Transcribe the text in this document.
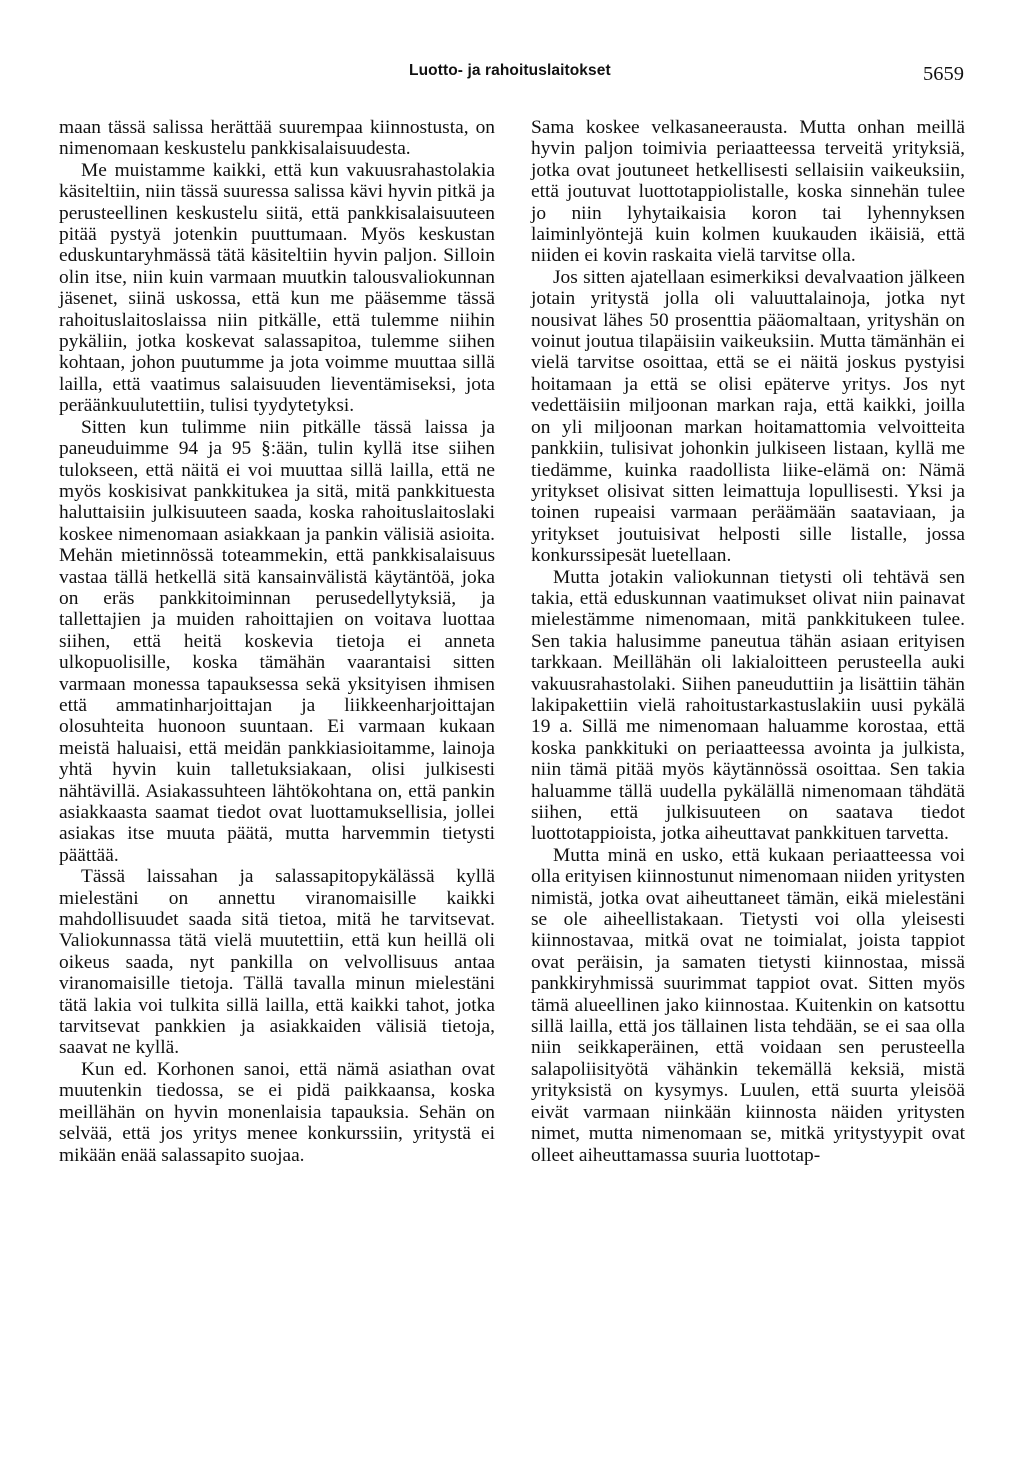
Luotto- ja rahoituslaitokset	5659

maan tässä salissa herättää suurempaa kiinnostusta, on nimenomaan keskustelu pankkisalaisuudesta.

Me muistamme kaikki, että kun vakuusrahastolakia käsiteltiin, niin tässä suuressa salissa kävi hyvin pitkä ja perusteellinen keskustelu siitä, että pankkisalaisuuteen pitää pystyä jotenkin puuttumaan. Myös keskustan eduskuntaryhmässä tätä käsiteltiin hyvin paljon. Silloin olin itse, niin kuin varmaan muutkin talousvaliokunnan jäsenet, siinä uskossa, että kun me pääsemme tässä rahoituslaitoslaissa niin pitkälle, että tulemme niihin pykäliin, jotka koskevat salassapitoa, tulemme siihen kohtaan, johon puutumme ja jota voimme muuttaa sillä lailla, että vaatimus salaisuuden lieventämiseksi, jota peräänkuulutettiin, tulisi tyydytetyksi.

Sitten kun tulimme niin pitkälle tässä laissa ja paneuduimme 94 ja 95 §:ään, tulin kyllä itse siihen tulokseen, että näitä ei voi muuttaa sillä lailla, että ne myös koskisivat pankkitukea ja sitä, mitä pankkituesta haluttaisiin julkisuuteen saada, koska rahoituslaitoslaki koskee nimenomaan asiakkaan ja pankin välisiä asioita. Mehän mietinnössä toteammekin, että pankkisalaisuus vastaa tällä hetkellä sitä kansainvälistä käytäntöä, joka on eräs pankkitoiminnan perusedellytyksiä, ja tallettajien ja muiden rahoittajien on voitava luottaa siihen, että heitä koskevia tietoja ei anneta ulkopuolisille, koska tämähän vaarantaisi sitten varmaan monessa tapauksessa sekä yksityisen ihmisen että ammatinharjoittajan ja liikkeenharjoittajan olosuhteita huonoon suuntaan. Ei varmaan kukaan meistä haluaisi, että meidän pankkiasioitamme, lainoja yhtä hyvin kuin talletuksiakaan, olisi julkisesti nähtävillä. Asiakassuhteen lähtökohtana on, että pankin asiakkaasta saamat tiedot ovat luottamuksellisia, jollei asiakas itse muuta päätä, mutta harvemmin tietysti päättää.

Tässä laissahan ja salassapitopykälässä kyllä mielestäni on annettu viranomaisille kaikki mahdollisuudet saada sitä tietoa, mitä he tarvitsevat. Valiokunnassa tätä vielä muutettiin, että kun heillä oli oikeus saada, nyt pankilla on velvollisuus antaa viranomaisille tietoja. Tällä tavalla minun mielestäni tätä lakia voi tulkita sillä lailla, että kaikki tahot, jotka tarvitsevat pankkien ja asiakkaiden välisiä tietoja, saavat ne kyllä.

Kun ed. Korhonen sanoi, että nämä asiathan ovat muutenkin tiedossa, se ei pidä paikkaansa, koska meillähän on hyvin monenlaisia tapauksia. Sehän on selvää, että jos yritys menee konkurssiin, yritystä ei mikään enää salassapito suojaa.

Sama koskee velkasaneerausta. Mutta onhan meillä hyvin paljon toimivia periaatteessa terveitä yrityksiä, jotka ovat joutuneet hetkellisesti sellaisiin vaikeuksiin, että joutuvat luottotappiolistalle, koska sinnehän tulee jo niin lyhytaikaisia koron tai lyhennyksen laiminlyöntejä kuin kolmen kuukauden ikäisiä, että niiden ei kovin raskaita vielä tarvitse olla.

Jos sitten ajatellaan esimerkiksi devalvaation jälkeen jotain yritystä jolla oli valuuttalainoja, jotka nyt nousivat lähes 50 prosenttia pääomaltaan, yrityshän on voinut joutua tilapäisiin vaikeuksiin. Mutta tämänhän ei vielä tarvitse osoittaa, että se ei näitä joskus pystyisi hoitamaan ja että se olisi epäterve yritys. Jos nyt vedettäisiin miljoonan markan raja, että kaikki, joilla on yli miljoonan markan hoitamattomia velvoitteita pankkiin, tulisivat johonkin julkiseen listaan, kyllä me tiedämme, kuinka raadollista liike-elämä on: Nämä yritykset olisivat sitten leimattuja lopullisesti. Yksi ja toinen rupeaisi varmaan peräämään saataviaan, ja yritykset joutuisivat helposti sille listalle, jossa konkurssipesät luetellaan.

Mutta jotakin valiokunnan tietysti oli tehtävä sen takia, että eduskunnan vaatimukset olivat niin painavat mielestämme nimenomaan, mitä pankkitukeen tulee. Sen takia halusimme paneutua tähän asiaan erityisen tarkkaan. Meillähän oli lakialoitteen perusteella auki vakuusrahastolaki. Siihen paneuduttiin ja lisättiin tähän lakipakettiin vielä rahoitustarkastuslakiin uusi pykälä 19 a. Sillä me nimenomaan haluamme korostaa, että koska pankkituki on periaatteessa avointa ja julkista, niin tämä pitää myös käytännössä osoittaa. Sen takia haluamme tällä uudella pykälällä nimenomaan tähdätä siihen, että julkisuuteen on saatava tiedot luottotappioista, jotka aiheuttavat pankkituen tarvetta.

Mutta minä en usko, että kukaan periaatteessa voi olla erityisen kiinnostunut nimenomaan niiden yritysten nimistä, jotka ovat aiheuttaneet tämän, eikä mielestäni se ole aiheellistakaan. Tietysti voi olla yleisesti kiinnostavaa, mitkä ovat ne toimialat, joista tappiot ovat peräisin, ja samaten tietysti kiinnostaa, missä pankkiryhmissä suurimmat tappiot ovat. Sitten myös tämä alueellinen jako kiinnostaa. Kuitenkin on katsottu sillä lailla, että jos tällainen lista tehdään, se ei saa olla niin seikkaperäinen, että voidaan sen perusteella salapoliisityötä vähänkin tekemällä keksiä, mistä yrityksistä on kysymys. Luulen, että suurta yleisöä eivät varmaan niinkään kiinnosta näiden yritysten nimet, mutta nimenomaan se, mitkä yritystyypit ovat olleet aiheuttamassa suuria luottotap-
